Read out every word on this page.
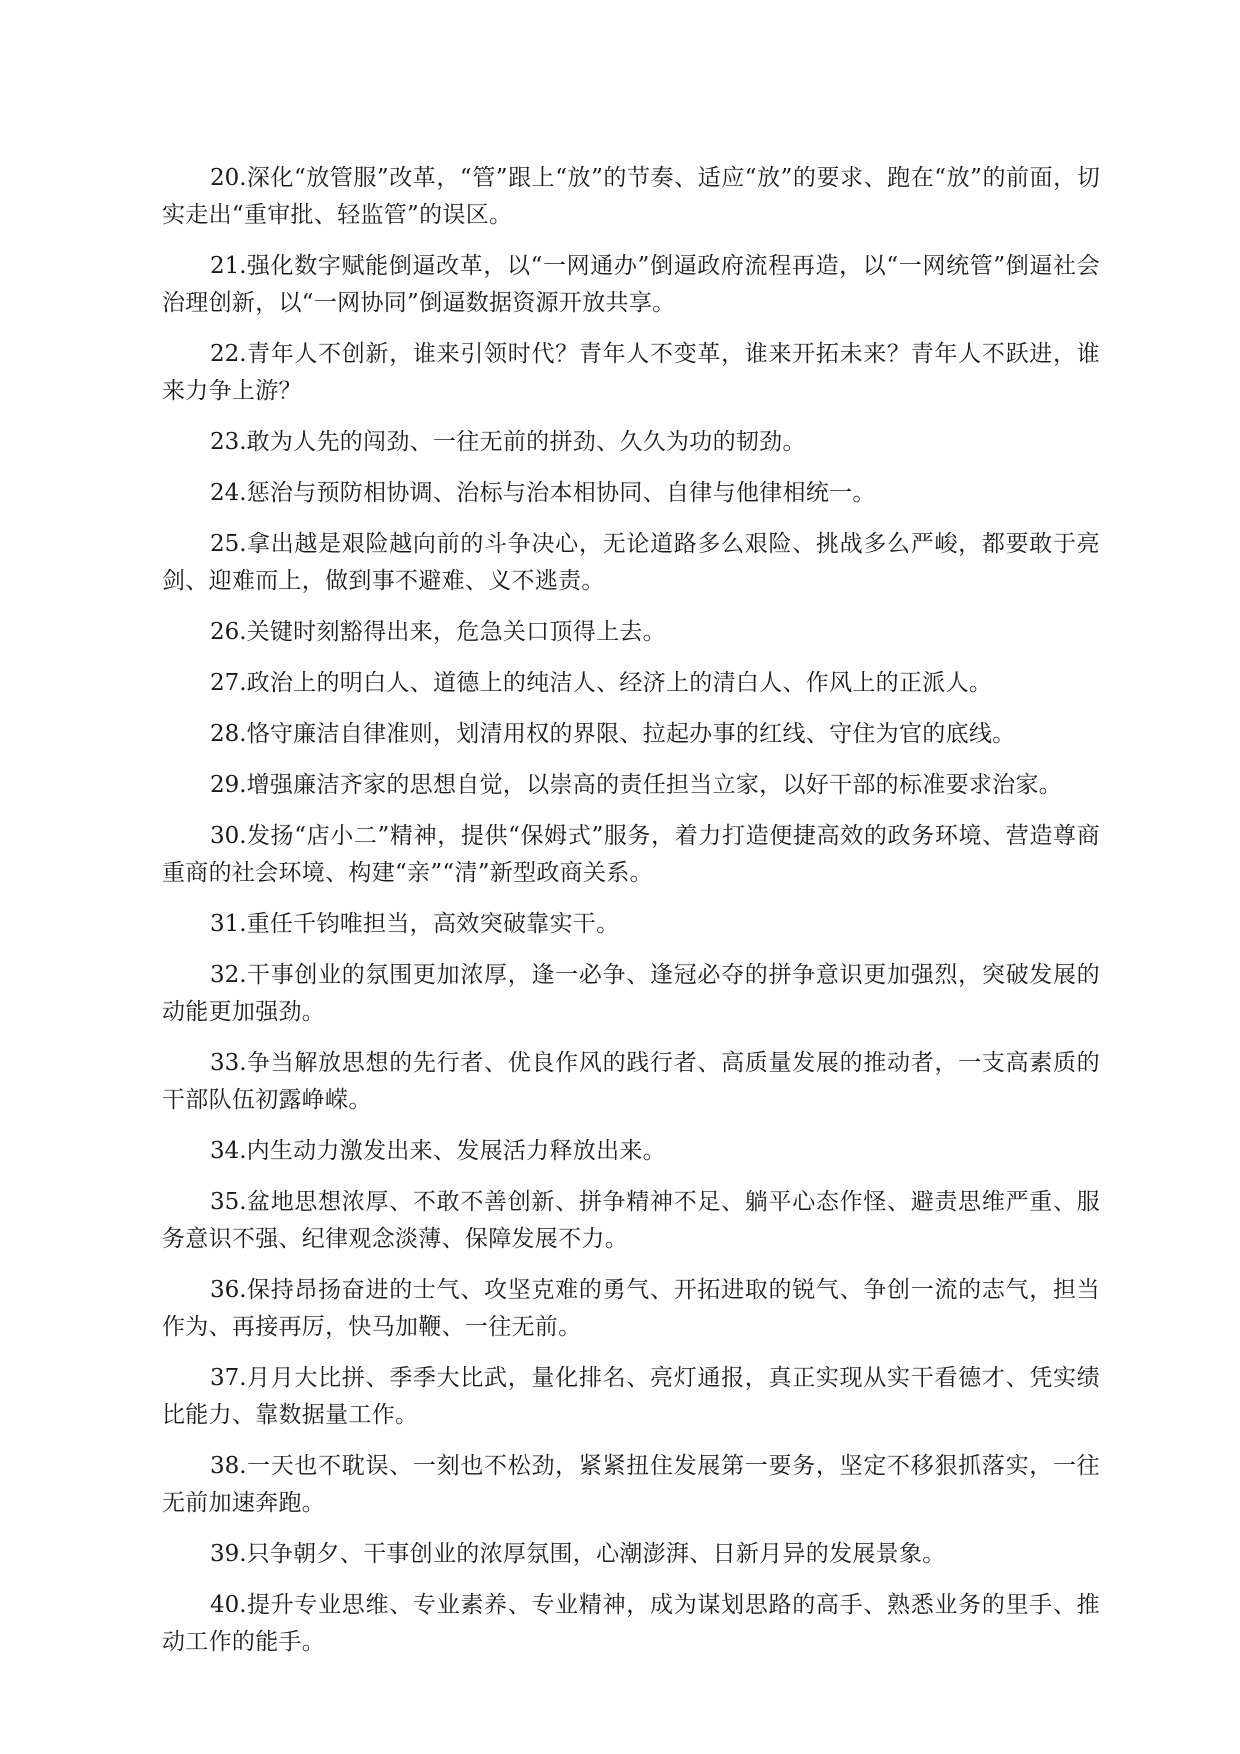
20.深化“放管服”改革，“管”跟上“放”的节奏、适应“放”的要求、跑在“放”的前面，切实走出“重审批、轻监管”的误区。

21.强化数字赋能倒逼改革，以“一网通办”倒逼政府流程再造，以“一网统管”倒逼社会治理创新，以“一网协同”倒逼数据资源开放共享。

22.青年人不创新，谁来引领时代？青年人不变革，谁来开拓未来？青年人不跃进，谁来力争上游？

23.敢为人先的闯劲、一往无前的拼劲、久久为功的韧劲。

24.惩治与预防相协调、治标与治本相协同、自律与他律相统一。

25.拿出越是艰险越向前的斗争决心，无论道路多么艰险、挑战多么严峻，都要敢于亮剑、迎难而上，做到事不避难、义不逃责。

26.关键时刻豁得出来，危急关口顶得上去。

27.政治上的明白人、道德上的纯洁人、经济上的清白人、作风上的正派人。

28.恪守廉洁自律准则，划清用权的界限、拉起办事的红线、守住为官的底线。

29.增强廉洁齐家的思想自觉，以崇高的责任担当立家，以好干部的标准要求治家。

30.发扬“店小二”精神，提供“保姆式”服务，着力打造便捷高效的政务环境、营造尊商重商的社会环境、构建“亲”“清”新型政商关系。

31.重任千钧唯担当，高效突破靠实干。

32.干事创业的氛围更加浓厚，逢一必争、逢冠必夺的拼争意识更加强烈，突破发展的动能更加强劲。

33.争当解放思想的先行者、优良作风的践行者、高质量发展的推动者，一支高素质的干部队伍初露峥嵘。

34.内生动力激发出来、发展活力释放出来。

35.盆地思想浓厚、不敢不善创新、拼争精神不足、躺平心态作怪、避责思维严重、服务意识不强、纪律观念淡薄、保障发展不力。

36.保持昂扬奋进的士气、攻坚克难的勇气、开拓进取的锐气、争创一流的志气，担当作为、再接再厉，快马加鞭、一往无前。

37.月月大比拼、季季大比武，量化排名、亮灯通报，真正实现从实干看德才、凭实绩比能力、靠数据量工作。

38.一天也不耽误、一刻也不松劲，紧紧扭住发展第一要务，坚定不移狠抓落实，一往无前加速奔跑。

39.只争朝夕、干事创业的浓厚氛围，心潮澎湃、日新月异的发展景象。

40.提升专业思维、专业素养、专业精神，成为谋划思路的高手、熟悉业务的里手、推动工作的能手。
